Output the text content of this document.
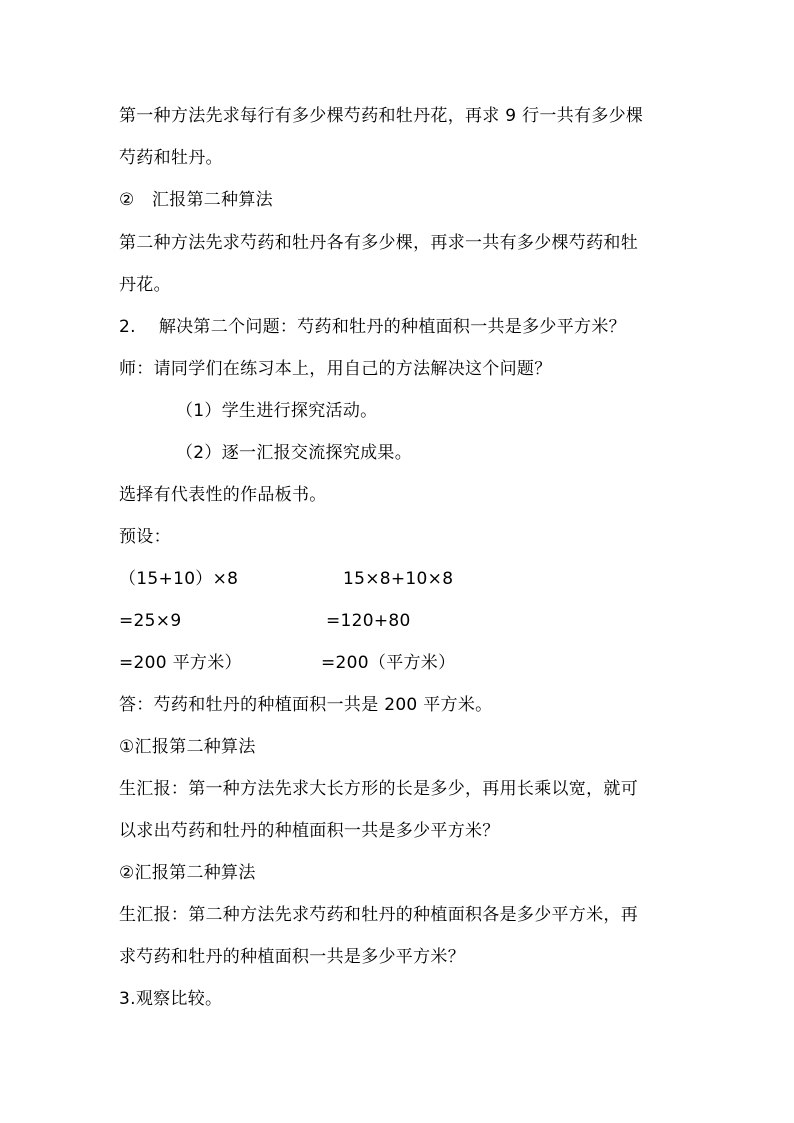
第一种方法先求每行有多少棵芍药和牡丹花，再求 9 行一共有多少棵
芍药和牡丹。
②　汇报第二种算法
第二种方法先求芍药和牡丹各有多少棵，再求一共有多少棵芍药和牡
丹花。
2.　 解决第二个问题：芍药和牡丹的种植面积一共是多少平方米？
师：请同学们在练习本上，用自己的方法解决这个问题？
（1）学生进行探究活动。
（2）逐一汇报交流探究成果。
选择有代表性的作品板书。
预设：
（15+10）×8	15×8+10×8
=25×9	=120+80
=200 平方米）	=200（平方米）
答：芍药和牡丹的种植面积一共是 200 平方米。
①汇报第二种算法
生汇报：第一种方法先求大长方形的长是多少，再用长乘以宽，就可
以求出芍药和牡丹的种植面积一共是多少平方米？
②汇报第二种算法
生汇报：第二种方法先求芍药和牡丹的种植面积各是多少平方米，再
求芍药和牡丹的种植面积一共是多少平方米？
3.观察比较。
